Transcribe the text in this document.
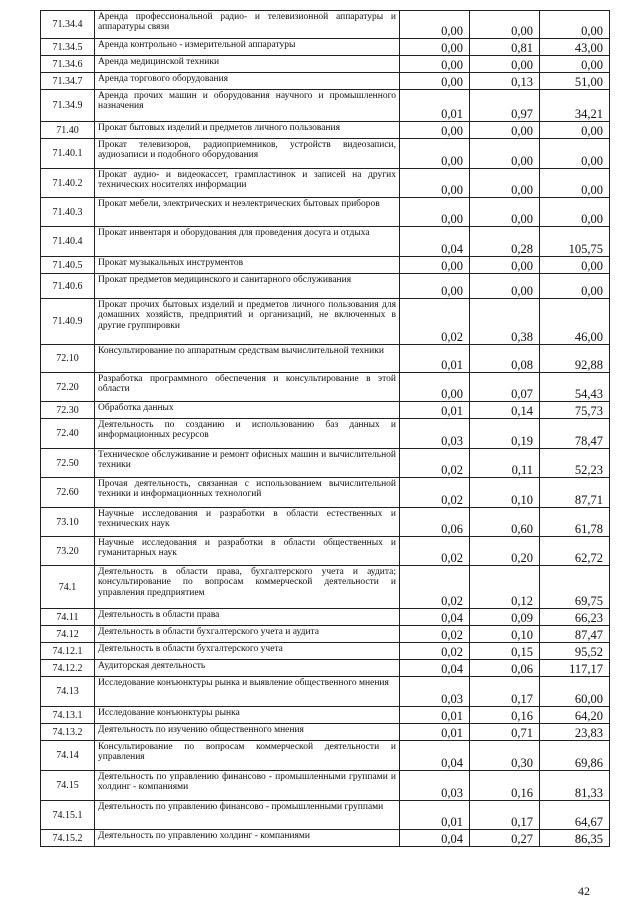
71.34.4	Аренда профессиональной радио- и телевизионной аппаратуры и аппаратуры связи	0,00	0,00	0,00
71.34.5	Аренда контрольно - измерительной аппаратуры	0,00	0,81	43,00
71.34.6	Аренда медицинской техники	0,00	0,00	0,00
71.34.7	Аренда торгового оборудования	0,00	0,13	51,00
71.34.9	Аренда прочих машин и оборудования научного и промышленного назначения	0,01	0,97	34,21
71.40	Прокат бытовых изделий и предметов личного пользования	0,00	0,00	0,00
71.40.1	Прокат телевизоров, радиоприемников, устройств видеозаписи, аудиозаписи и подобного оборудования	0,00	0,00	0,00
71.40.2	Прокат аудио- и видеокассет, грампластинок и записей на других технических носителях информации	0,00	0,00	0,00
71.40.3	Прокат мебели, электрических и неэлектрических бытовых приборов	0,00	0,00	0,00
71.40.4	Прокат инвентаря и оборудования для проведения досуга и отдыха	0,04	0,28	105,75
71.40.5	Прокат музыкальных инструментов	0,00	0,00	0,00
71.40.6	Прокат предметов медицинского и санитарного обслуживания	0,00	0,00	0,00
71.40.9	Прокат прочих бытовых изделий и предметов личного пользования для домашних хозяйств, предприятий и организаций, не включенных в другие группировки	0,02	0,38	46,00
72.10	Консультирование по аппаратным средствам вычислительной техники	0,01	0,08	92,88
72.20	Разработка программного обеспечения и консультирование в этой области	0,00	0,07	54,43
72.30	Обработка данных	0,01	0,14	75,73
72.40	Деятельность по созданию и использованию баз данных и информационных ресурсов	0,03	0,19	78,47
72.50	Техническое обслуживание и ремонт офисных машин и вычислительной техники	0,02	0,11	52,23
72.60	Прочая деятельность, связанная с использованием вычислительной техники и информационных технологий	0,02	0,10	87,71
73.10	Научные исследования и разработки в области естественных и технических наук	0,06	0,60	61,78
73.20	Научные исследования и разработки в области общественных и гуманитарных наук	0,02	0,20	62,72
74.1	Деятельность в области права, бухгалтерского учета и аудита; консультирование по вопросам коммерческой деятельности и управления предприятием	0,02	0,12	69,75
74.11	Деятельность в области права	0,04	0,09	66,23
74.12	Деятельность в области бухгалтерского учета и аудита	0,02	0,10	87,47
74.12.1	Деятельность в области бухгалтерского учета	0,02	0,15	95,52
74.12.2	Аудиторская деятельность	0,04	0,06	117,17
74.13	Исследование конъюнктуры рынка и выявление общественного мнения	0,03	0,17	60,00
74.13.1	Исследование конъюнктуры рынка	0,01	0,16	64,20
74.13.2	Деятельность по изучению общественного мнения	0,01	0,71	23,83
74.14	Консультирование по вопросам коммерческой деятельности и управления	0,04	0,30	69,86
74.15	Деятельность по управлению финансово - промышленными группами и холдинг - компаниями	0,03	0,16	81,33
74.15.1	Деятельность по управлению финансово - промышленными группами	0,01	0,17	64,67
74.15.2	Деятельность по управлению холдинг - компаниями	0,04	0,27	86,35
42
